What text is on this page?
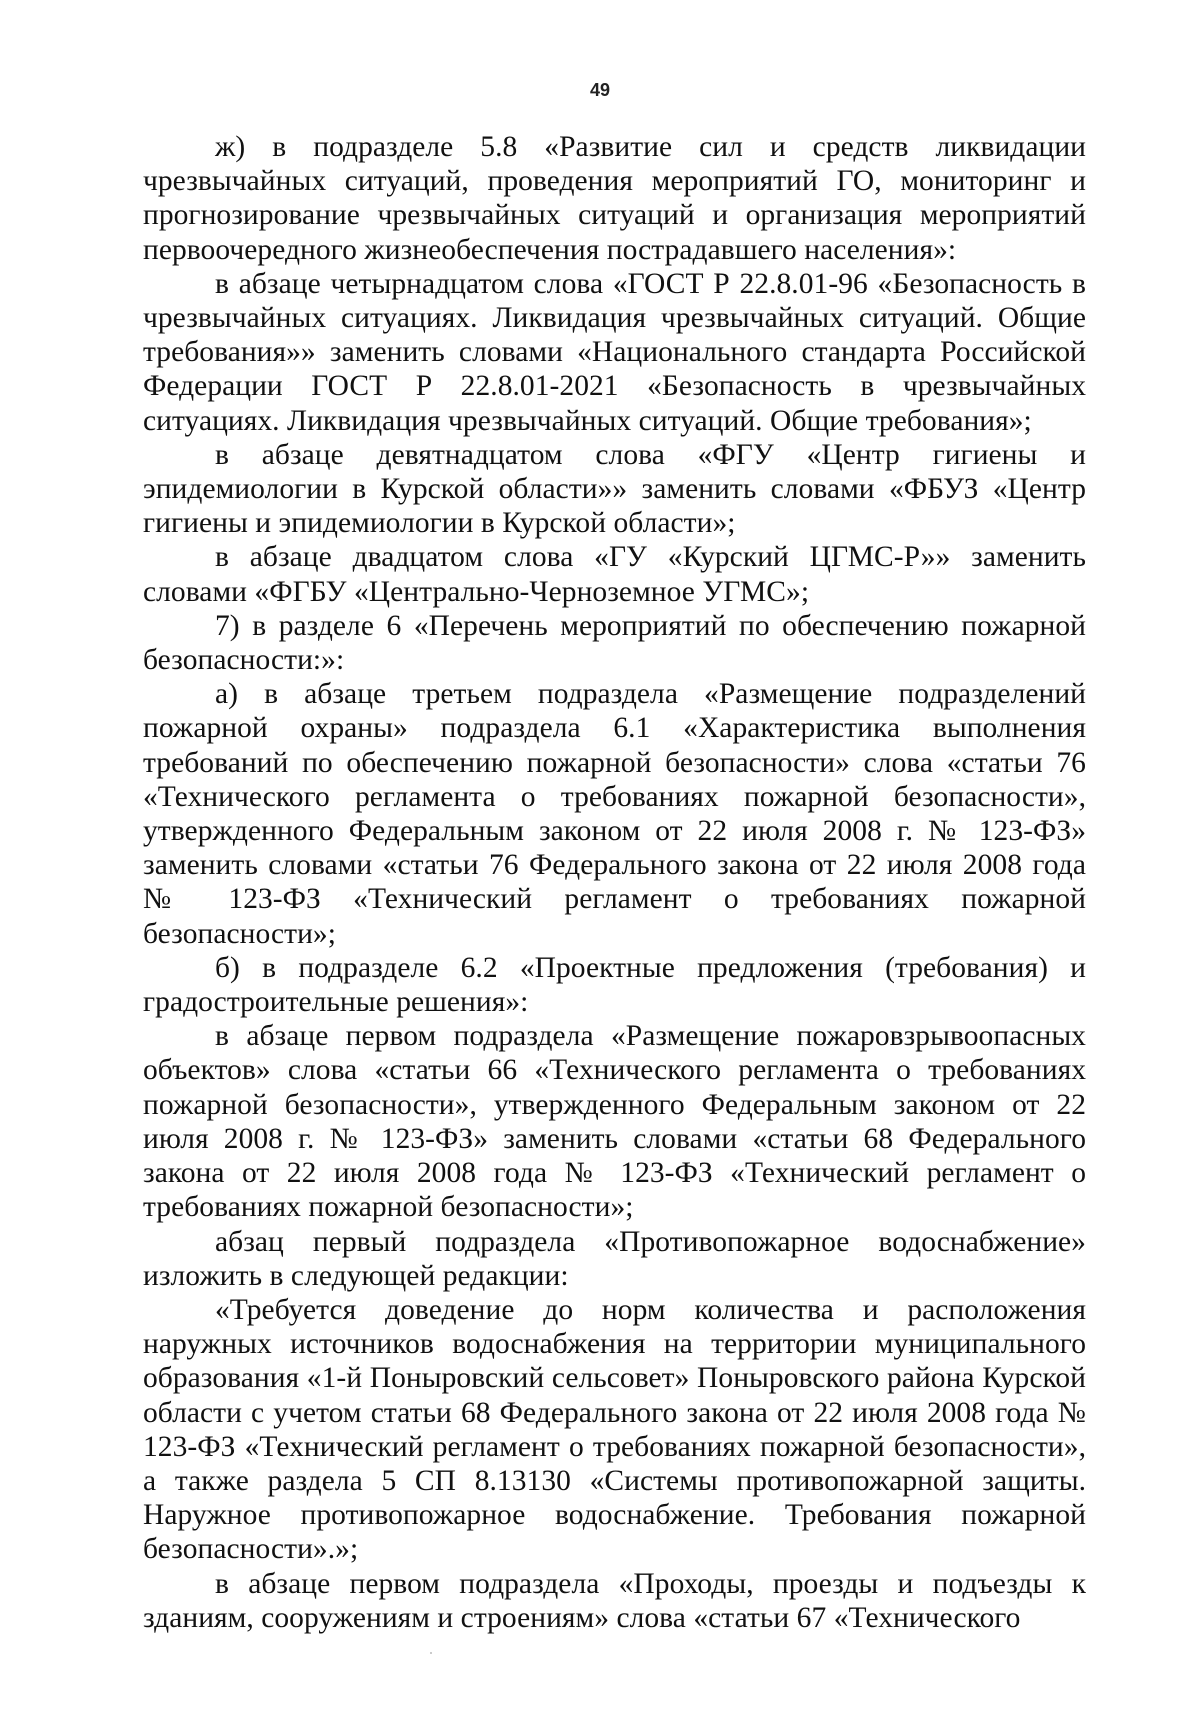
49

ж) в подразделе 5.8 «Развитие сил и средств ликвидации чрезвычайных ситуаций, проведения мероприятий ГО, мониторинг и прогнозирование чрезвычайных ситуаций и организация мероприятий первоочередного жизнеобеспечения пострадавшего населения»:

в абзаце четырнадцатом слова «ГОСТ Р 22.8.01-96 «Безопасность в чрезвычайных ситуациях. Ликвидация чрезвычайных ситуаций. Общие требования»» заменить словами «Национального стандарта Российской Федерации ГОСТ Р 22.8.01-2021 «Безопасность в чрезвычайных ситуациях. Ликвидация чрезвычайных ситуаций. Общие требования»;

в абзаце девятнадцатом слова «ФГУ «Центр гигиены и эпидемиологии в Курской области»» заменить словами «ФБУЗ «Центр гигиены и эпидемиологии в Курской области»;

в абзаце двадцатом слова «ГУ «Курский ЦГМС-Р»» заменить словами «ФГБУ «Центрально-Черноземное УГМС»;

7) в разделе 6 «Перечень мероприятий по обеспечению пожарной безопасности:»:

а) в абзаце третьем подраздела «Размещение подразделений пожарной охраны» подраздела 6.1 «Характеристика выполнения требований по обеспечению пожарной безопасности» слова «статьи 76 «Технического регламента о требованиях пожарной безопасности», утвержденного Федеральным законом от 22 июля 2008 г. № 123-ФЗ» заменить словами «статьи 76 Федерального закона от 22 июля 2008 года № 123-ФЗ «Технический регламент о требованиях пожарной безопасности»;

б) в подразделе 6.2 «Проектные предложения (требования) и градостроительные решения»:

в абзаце первом подраздела «Размещение пожаровзрывоопасных объектов» слова «статьи 66 «Технического регламента о требованиях пожарной безопасности», утвержденного Федеральным законом от 22 июля 2008 г. № 123-ФЗ» заменить словами «статьи 68 Федерального закона от 22 июля 2008 года № 123-ФЗ «Технический регламент о требованиях пожарной безопасности»;

абзац первый подраздела «Противопожарное водоснабжение» изложить в следующей редакции:

«Требуется доведение до норм количества и расположения наружных источников водоснабжения на территории муниципального образования «1-й Поныровский сельсовет» Поныровского района Курской области с учетом статьи 68 Федерального закона от 22 июля 2008 года № 123-ФЗ «Технический регламент о требованиях пожарной безопасности», а также раздела 5 СП 8.13130 «Системы противопожарной защиты. Наружное противопожарное водоснабжение. Требования пожарной безопасности».»;

в абзаце первом подраздела «Проходы, проезды и подъезды к зданиям, сооружениям и строениям» слова «статьи 67 «Технического
